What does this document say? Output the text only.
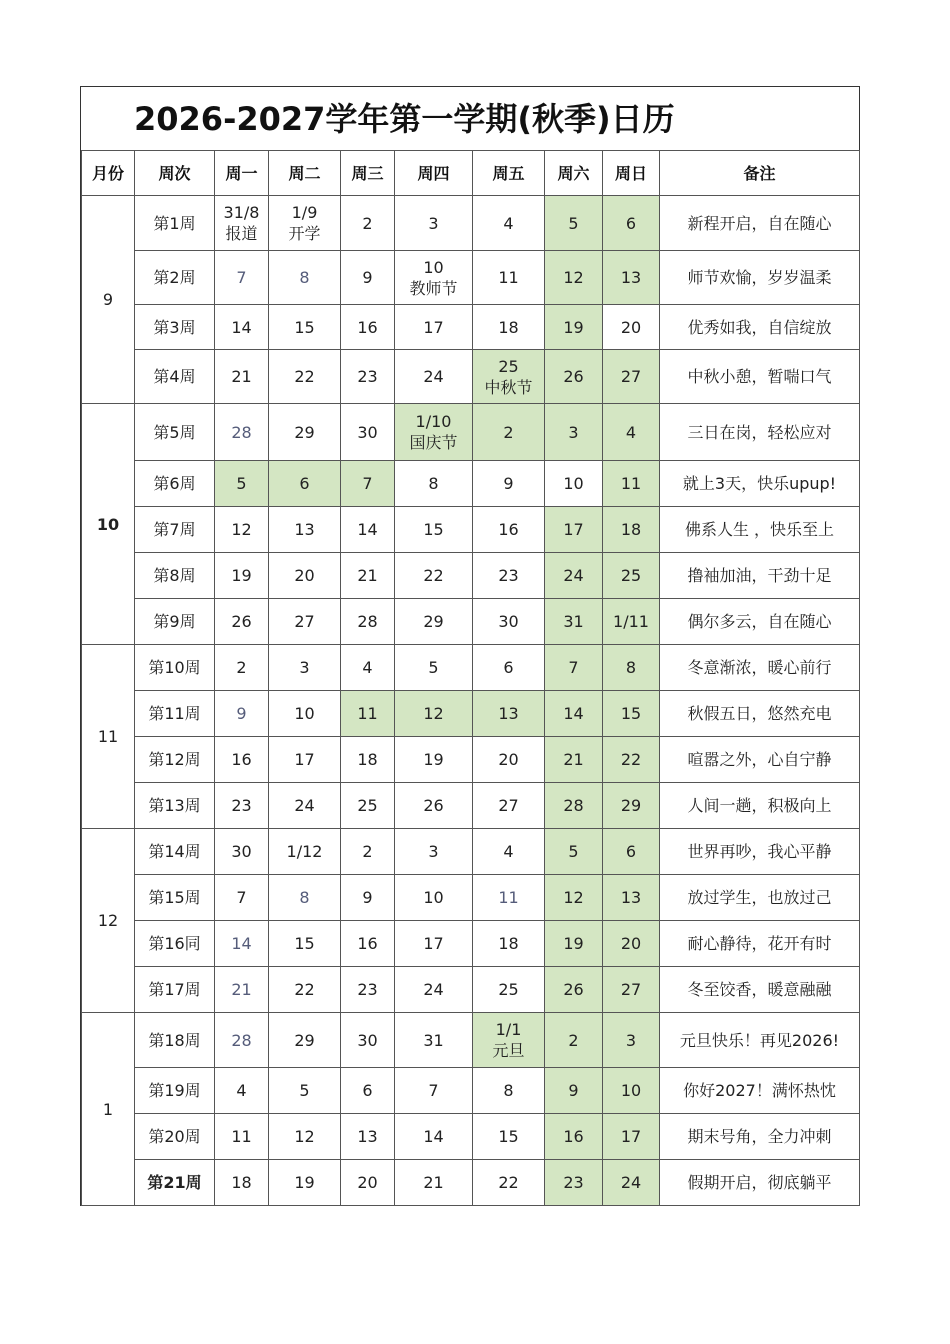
2026-2027学年第一学期(秋季)日历
月份	周次	周一	周二	周三	周四	周五	周六	周日	备注
9	第1周	31/8
报道	1/9
开学	2	3	4	5	6	新程开启，自在随心
	第2周	7	8	9	10
教师节	11	12	13	师节欢愉，岁岁温柔
	第3周	14	15	16	17	18	19	20	优秀如我，自信绽放
	第4周	21	22	23	24	25
中秋节	26	27	中秋小憩，暂喘口气
10	第5周	28	29	30	1/10
国庆节	2	3	4	三日在岗，轻松应对
	第6周	5	6	7	8	9	10	11	就上3天，快乐upup!
	第7周	12	13	14	15	16	17	18	佛系人生 ，快乐至上
	第8周	19	20	21	22	23	24	25	撸袖加油，干劲十足
	第9周	26	27	28	29	30	31	1/11	偶尔多云，自在随心
11	第10周	2	3	4	5	6	7	8	冬意渐浓，暖心前行
	第11周	9	10	11	12	13	14	15	秋假五日，悠然充电
	第12周	16	17	18	19	20	21	22	喧嚣之外，心自宁静
	第13周	23	24	25	26	27	28	29	人间一趟，积极向上
12	第14周	30	1/12	2	3	4	5	6	世界再吵，我心平静
	第15周	7	8	9	10	11	12	13	放过学生，也放过己
	第16同	14	15	16	17	18	19	20	耐心静待，花开有时
	第17周	21	22	23	24	25	26	27	冬至饺香，暖意融融
1	第18周	28	29	30	31	1/1
元旦	2	3	元旦快乐！再见2026!
	第19周	4	5	6	7	8	9	10	你好2027！满怀热忱
	第20周	11	12	13	14	15	16	17	期末号角，全力冲刺
	第21周	18	19	20	21	22	23	24	假期开启，彻底躺平
